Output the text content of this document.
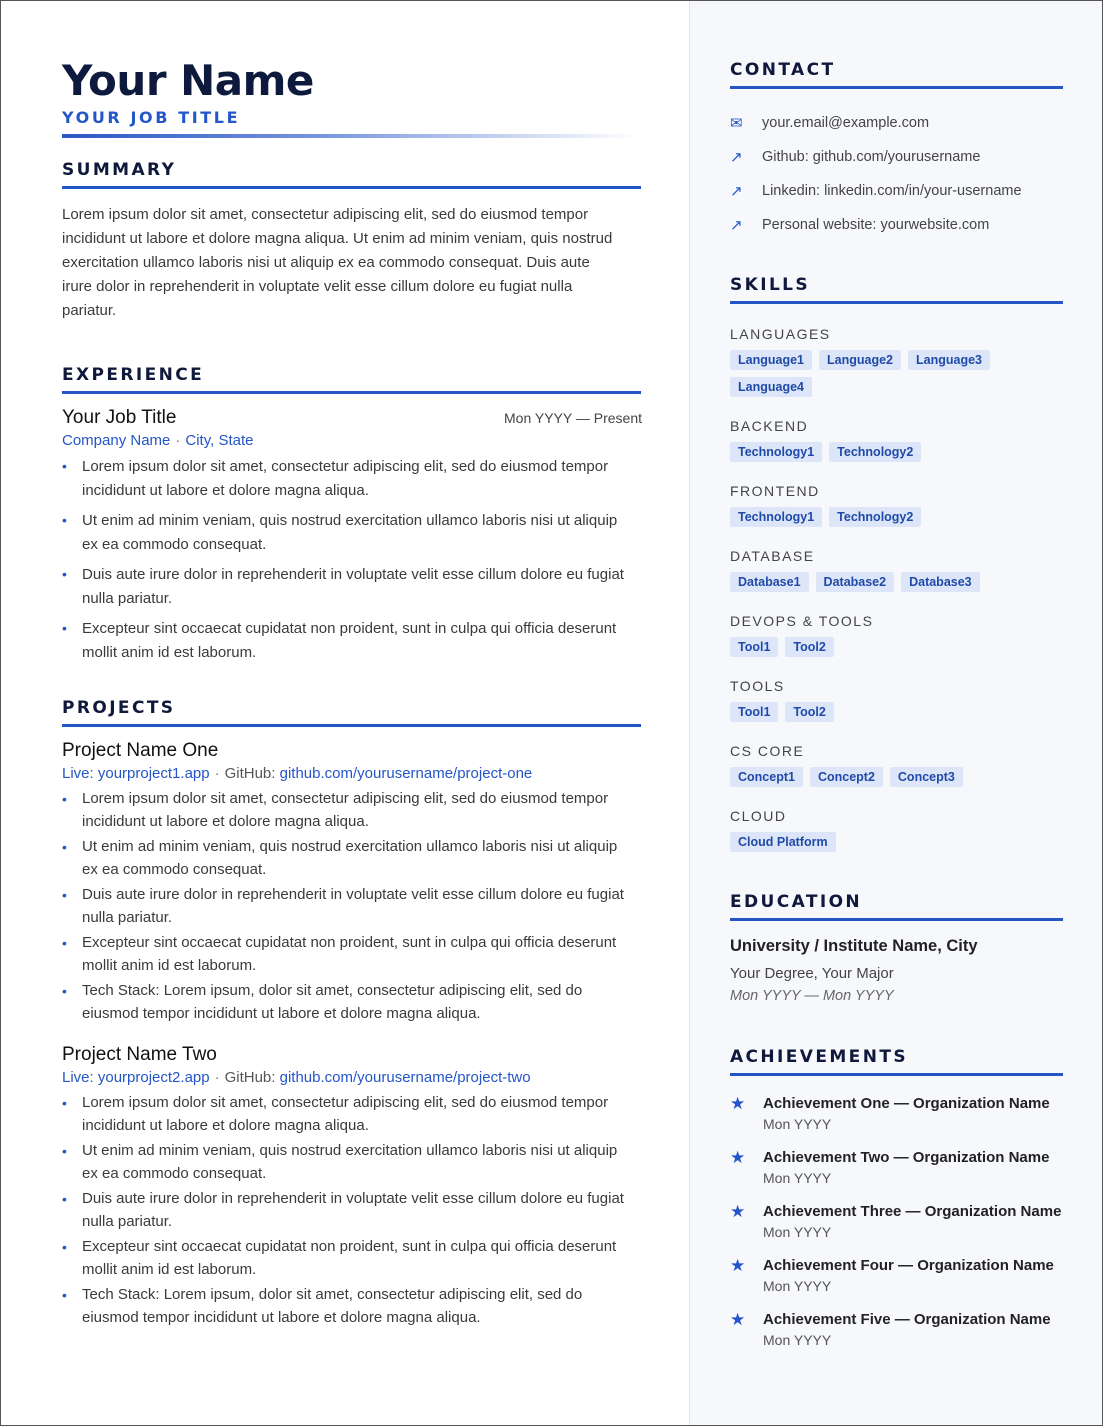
Your Name
YOUR JOB TITLE
SUMMARY
Lorem ipsum dolor sit amet, consectetur adipiscing elit, sed do eiusmod tempor incididunt ut labore et dolore magna aliqua. Ut enim ad minim veniam, quis nostrud exercitation ullamco laboris nisi ut aliquip ex ea commodo consequat. Duis aute irure dolor in reprehenderit in voluptate velit esse cillum dolore eu fugiat nulla pariatur.
EXPERIENCE
Your Job Title	Mon YYYY — Present
Company Name · City, State
• Lorem ipsum dolor sit amet, consectetur adipiscing elit, sed do eiusmod tempor incididunt ut labore et dolore magna aliqua.
• Ut enim ad minim veniam, quis nostrud exercitation ullamco laboris nisi ut aliquip ex ea commodo consequat.
• Duis aute irure dolor in reprehenderit in voluptate velit esse cillum dolore eu fugiat nulla pariatur.
• Excepteur sint occaecat cupidatat non proident, sunt in culpa qui officia deserunt mollit anim id est laborum.
PROJECTS
Project Name One
Live: yourproject1.app · GitHub: github.com/yourusername/project-one
• Lorem ipsum dolor sit amet, consectetur adipiscing elit, sed do eiusmod tempor incididunt ut labore et dolore magna aliqua.
• Ut enim ad minim veniam, quis nostrud exercitation ullamco laboris nisi ut aliquip ex ea commodo consequat.
• Duis aute irure dolor in reprehenderit in voluptate velit esse cillum dolore eu fugiat nulla pariatur.
• Excepteur sint occaecat cupidatat non proident, sunt in culpa qui officia deserunt mollit anim id est laborum.
• Tech Stack: Lorem ipsum, dolor sit amet, consectetur adipiscing elit, sed do eiusmod tempor incididunt ut labore et dolore magna aliqua.
Project Name Two
Live: yourproject2.app · GitHub: github.com/yourusername/project-two
• Lorem ipsum dolor sit amet, consectetur adipiscing elit, sed do eiusmod tempor incididunt ut labore et dolore magna aliqua.
• Ut enim ad minim veniam, quis nostrud exercitation ullamco laboris nisi ut aliquip ex ea commodo consequat.
• Duis aute irure dolor in reprehenderit in voluptate velit esse cillum dolore eu fugiat nulla pariatur.
• Excepteur sint occaecat cupidatat non proident, sunt in culpa qui officia deserunt mollit anim id est laborum.
• Tech Stack: Lorem ipsum, dolor sit amet, consectetur adipiscing elit, sed do eiusmod tempor incididunt ut labore et dolore magna aliqua.
CONTACT
✉	your.email@example.com
↗	Github: github.com/yourusername
↗	Linkedin: linkedin.com/in/your-username
↗	Personal website: yourwebsite.com
SKILLS
LANGUAGES
Language1	Language2	Language3
Language4
BACKEND
Technology1	Technology2
FRONTEND
Technology1	Technology2
DATABASE
Database1	Database2	Database3
DEVOPS & TOOLS
Tool1	Tool2
TOOLS
Tool1	Tool2
CS CORE
Concept1	Concept2	Concept3
CLOUD
Cloud Platform
EDUCATION
University / Institute Name, City
Your Degree, Your Major
Mon YYYY — Mon YYYY
ACHIEVEMENTS
★	Achievement One — Organization Name
Mon YYYY
★	Achievement Two — Organization Name
Mon YYYY
★	Achievement Three — Organization Name
Mon YYYY
★	Achievement Four — Organization Name
Mon YYYY
★	Achievement Five — Organization Name
Mon YYYY
